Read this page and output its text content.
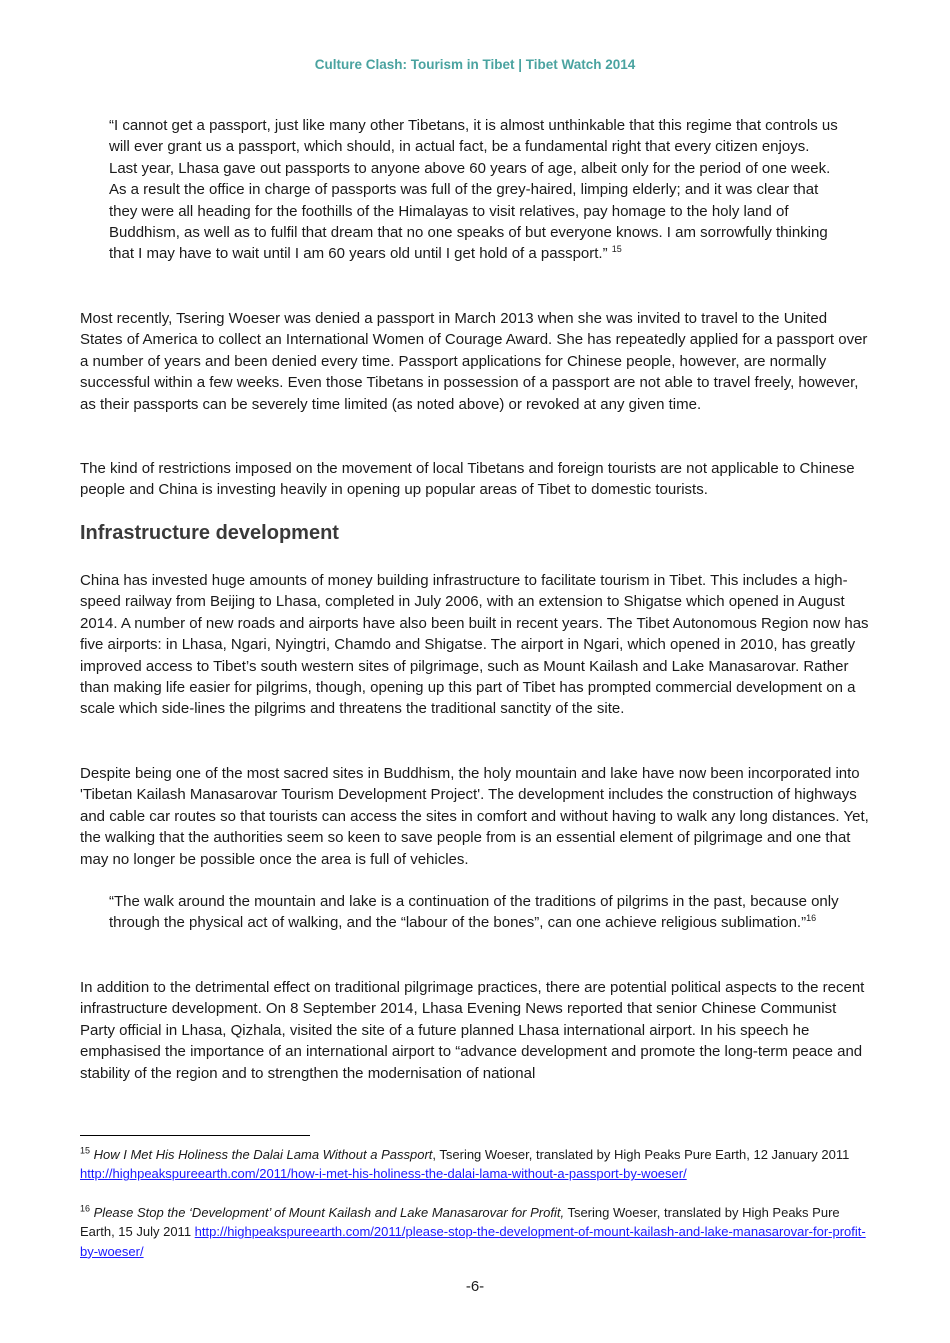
Culture Clash: Tourism in Tibet | Tibet Watch 2014

“I cannot get a passport, just like many other Tibetans, it is almost unthinkable that this regime that controls us will ever grant us a passport, which should, in actual fact, be a fundamental right that every citizen enjoys. Last year, Lhasa gave out passports to anyone above 60 years of age, albeit only for the period of one week. As a result the office in charge of passports was full of the grey-haired, limping elderly; and it was clear that they were all heading for the foothills of the Himalayas to visit relatives, pay homage to the holy land of Buddhism, as well as to fulfil that dream that no one speaks of but everyone knows. I am sorrowfully thinking that I may have to wait until I am 60 years old until I get hold of a passport.” $^{15}$

Most recently, Tsering Woeser was denied a passport in March 2013 when she was invited to travel to the United States of America to collect an International Women of Courage Award. She has repeatedly applied for a passport over a number of years and been denied every time. Passport applications for Chinese people, however, are normally successful within a few weeks. Even those Tibetans in possession of a passport are not able to travel freely, however, as their passports can be severely time limited (as noted above) or revoked at any given time.

The kind of restrictions imposed on the movement of local Tibetans and foreign tourists are not applicable to Chinese people and China is investing heavily in opening up popular areas of Tibet to domestic tourists.

Infrastructure development

China has invested huge amounts of money building infrastructure to facilitate tourism in Tibet. This includes a high-speed railway from Beijing to Lhasa, completed in July 2006, with an extension to Shigatse which opened in August 2014. A number of new roads and airports have also been built in recent years. The Tibet Autonomous Region now has five airports: in Lhasa, Ngari, Nyingtri, Chamdo and Shigatse. The airport in Ngari, which opened in 2010, has greatly improved access to Tibet’s south western sites of pilgrimage, such as Mount Kailash and Lake Manasarovar. Rather than making life easier for pilgrims, though, opening up this part of Tibet has prompted commercial development on a scale which side-lines the pilgrims and threatens the traditional sanctity of the site.

Despite being one of the most sacred sites in Buddhism, the holy mountain and lake have now been incorporated into 'Tibetan Kailash Manasarovar Tourism Development Project'. The development includes the construction of highways and cable car routes so that tourists can access the sites in comfort and without having to walk any long distances. Yet, the walking that the authorities seem so keen to save people from is an essential element of pilgrimage and one that may no longer be possible once the area is full of vehicles.

“The walk around the mountain and lake is a continuation of the traditions of pilgrims in the past, because only through the physical act of walking, and the “labour of the bones”, can one achieve religious sublimation.”$^{16}$

In addition to the detrimental effect on traditional pilgrimage practices, there are potential political aspects to the recent infrastructure development. On 8 September 2014, Lhasa Evening News reported that senior Chinese Communist Party official in Lhasa, Qizhala, visited the site of a future planned Lhasa international airport. In his speech he emphasised the importance of an international airport to “advance development and promote the long-term peace and stability of the region and to strengthen the modernisation of national

$^{15}$ How I Met His Holiness the Dalai Lama Without a Passport, Tsering Woeser, translated by High Peaks Pure Earth, 12 January 2011 http://highpeakspureearth.com/2011/how-i-met-his-holiness-the-dalai-lama-without-a-passport-by-woeser/

$^{16}$ Please Stop the ‘Development’ of Mount Kailash and Lake Manasarovar for Profit, Tsering Woeser, translated by High Peaks Pure Earth, 15 July 2011 http://highpeakspureearth.com/2011/please-stop-the-development-of-mount-kailash-and-lake-manasarovar-for-profit-by-woeser/

-6-
